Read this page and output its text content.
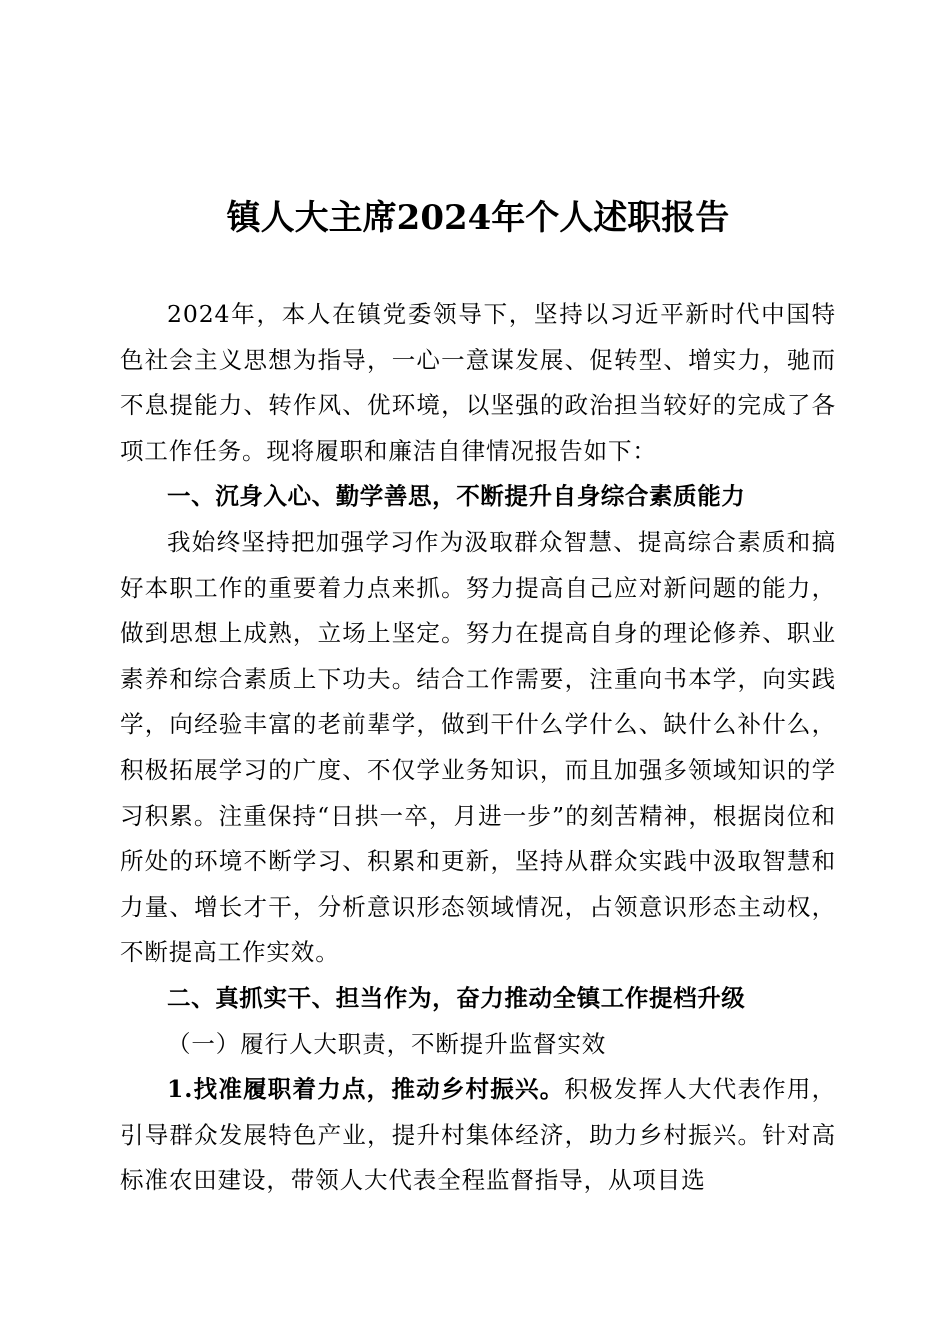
镇人大主席2024年个人述职报告

2024年，本人在镇党委领导下，坚持以习近平新时代中国特色社会主义思想为指导，一心一意谋发展、促转型、增实力，驰而不息提能力、转作风、优环境，以坚强的政治担当较好的完成了各项工作任务。现将履职和廉洁自律情况报告如下：

一、沉身入心、勤学善思，不断提升自身综合素质能力

我始终坚持把加强学习作为汲取群众智慧、提高综合素质和搞好本职工作的重要着力点来抓。努力提高自己应对新问题的能力，做到思想上成熟，立场上坚定。努力在提高自身的理论修养、职业素养和综合素质上下功夫。结合工作需要，注重向书本学，向实践学，向经验丰富的老前辈学，做到干什么学什么、缺什么补什么，积极拓展学习的广度、不仅学业务知识，而且加强多领域知识的学习积累。注重保持“日拱一卒，月进一步”的刻苦精神，根据岗位和所处的环境不断学习、积累和更新，坚持从群众实践中汲取智慧和力量、增长才干，分析意识形态领域情况，占领意识形态主动权，不断提高工作实效。

二、真抓实干、担当作为，奋力推动全镇工作提档升级

（一）履行人大职责，不断提升监督实效

1.找准履职着力点，推动乡村振兴。积极发挥人大代表作用，引导群众发展特色产业，提升村集体经济，助力乡村振兴。针对高标准农田建设，带领人大代表全程监督指导，从项目选
